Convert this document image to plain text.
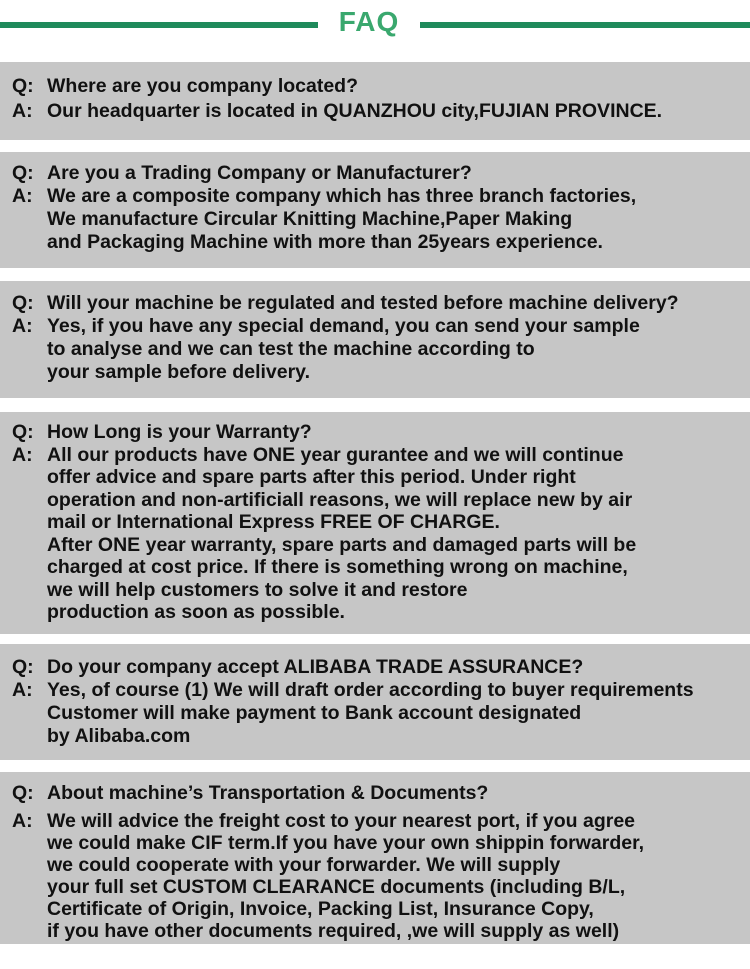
FAQ
Q: Where are you company located?
A: Our headquarter is located in QUANZHOU city,FUJIAN PROVINCE.
Q: Are you a Trading Company or Manufacturer?
A: We are a composite company which has three branch factories,
We manufacture Circular Knitting Machine,Paper Making
and Packaging Machine with more than 25years experience.
Q: Will your machine be regulated and tested before machine delivery?
A: Yes, if you have any special demand, you can send your sample
to analyse and we can test the machine according to
your sample before delivery.
Q: How Long is your Warranty?
A: All our products have ONE year gurantee and we will continue
offer advice and spare parts after this period. Under right
operation and non-artificiall reasons, we will replace new by air
mail or International Express FREE OF CHARGE.
After ONE year warranty, spare parts and damaged parts will be
charged at cost price. If there is something wrong on machine,
we will help customers to solve it and restore
production as soon as possible.
Q: Do your company accept ALIBABA TRADE ASSURANCE?
A: Yes, of course (1) We will draft order according to buyer requirements
Customer will make payment to Bank account designated
by Alibaba.com
Q: About machine’s Transportation & Documents?
A: We will advice the freight cost to your nearest port, if you agree
we could make CIF term.If you have your own shippin forwarder,
we could cooperate with your forwarder. We will supply
your full set CUSTOM CLEARANCE documents (including B/L,
Certificate of Origin, Invoice, Packing List, Insurance Copy,
if you have other documents required, ,we will supply as well)
